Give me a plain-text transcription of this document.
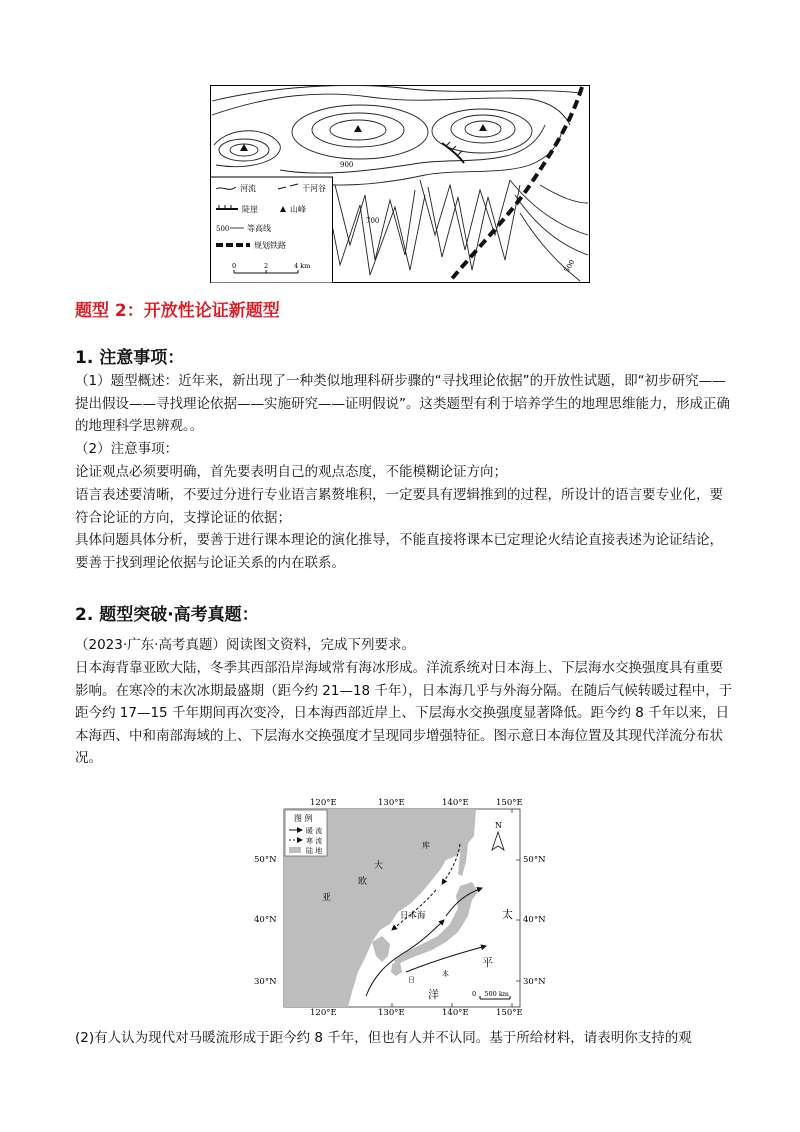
900
700
500
河流	干河谷
陡崖	山峰
500 等高线
规划铁路
0	2	4 km
题型 2：开放性论证新题型
1. 注意事项：

（1）题型概述：近年来，新出现了一种类似地理科研步骤的“寻找理论依据”的开放性试题，即“初步研究——提出假设——寻找理论依据——实施研究——证明假说”。这类题型有利于培养学生的地理思维能力，形成正确的地理科学思辨观。。

（2）注意事项：

论证观点必须要明确，首先要表明自己的观点态度，不能模糊论证方向；

语言表述要清晰，不要过分进行专业语言累赘堆积，一定要具有逻辑推到的过程，所设计的语言要专业化，要符合论证的方向，支撑论证的依据；

具体问题具体分析，要善于进行课本理论的演化推导，不能直接将课本已定理论火结论直接表述为论证结论，要善于找到理论依据与论证关系的内在联系。

2. 题型突破·高考真题：

（2023·广东·高考真题）阅读图文资料，完成下列要求。

日本海背靠亚欧大陆，冬季其西部沿岸海域常有海冰形成。洋流系统对日本海上、下层海水交换强度具有重要影响。在寒冷的末次冰期最盛期（距今约 21—18 千年），日本海几乎与外海分隔。在随后气候转暖过程中，于距今约 17—15 千年期间再次变冷，日本海西部近岸上、下层海水交换强度显著降低。距今约 8 千年以来，日本海西、中和南部海域的上、下层海水交换强度才呈现同步增强特征。图示意日本海位置及其现代洋流分布状况。

120°E	130°E	140°E	150°E
120°E	130°E	140°E	150°E
50°N
40°N
30°N
50°N
40°N
30°N
图 例
暖 流
寒 流
陆 地
N
大
欧
亚
库
太
平
洋
日
本
日本海
0    500 km

(2)有人认为现代对马暖流形成于距今约 8 千年，但也有人并不认同。基于所给材料，请表明你支持的观
